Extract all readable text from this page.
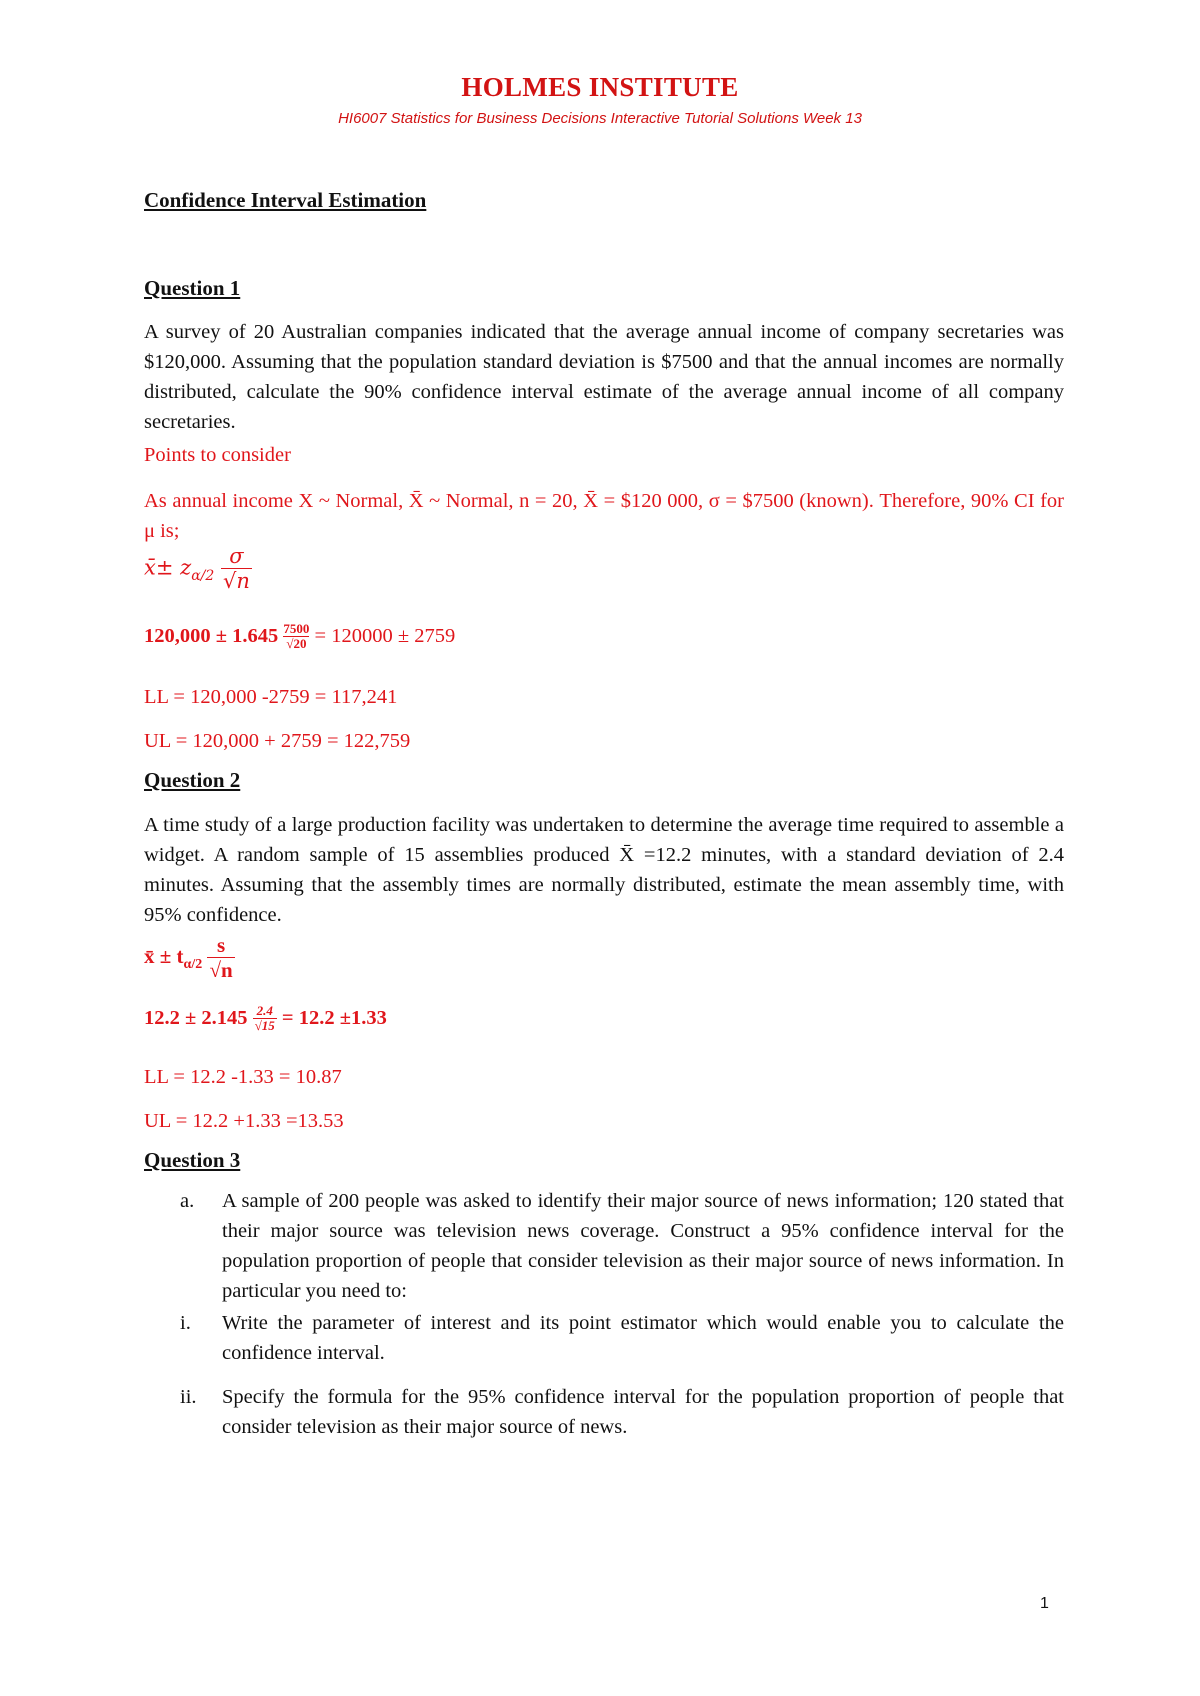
HOLMES INSTITUTE
HI6007 Statistics for Business Decisions Interactive Tutorial Solutions Week 13
Confidence Interval Estimation
Question 1
A survey of 20 Australian companies indicated that the average annual income of company secretaries was $120,000. Assuming that the population standard deviation is $7500 and that the annual incomes are normally distributed, calculate the 90% confidence interval estimate of the average annual income of all company secretaries.
Points to consider
As annual income X ~ Normal, X̄ ~ Normal, n = 20, X̄ = $120 000, σ = $7500 (known). Therefore, 90% CI for μ is;
x̄± $z_{\alpha/2} \frac{\sigma}{√n}$
$120,000 \pm 1.645 \frac{7500}{√20} = 120000 \pm 2759$
LL = 120,000 -2759 = 117,241
UL = 120,000 + 2759 = 122,759
Question 2
A time study of a large production facility was undertaken to determine the average time required to assemble a widget. A random sample of 15 assemblies produced X̄ =12.2 minutes, with a standard deviation of 2.4 minutes. Assuming that the assembly times are normally distributed, estimate the mean assembly time, with 95% confidence.
x̄ ± $t_{\alpha/2} \frac{s}{√n}$
$12.2 \pm 2.145 \frac{2.4}{√15} = 12.2 \pm 1.33$
LL = 12.2 -1.33 = 10.87
UL = 12.2 +1.33 =13.53
Question 3
a.	A sample of 200 people was asked to identify their major source of news information; 120 stated that their major source was television news coverage. Construct a 95% confidence interval for the population proportion of people that consider television as their major source of news information. In particular you need to:
i.	Write the parameter of interest and its point estimator which would enable you to calculate the confidence interval.
ii.	Specify the formula for the 95% confidence interval for the population proportion of people that consider television as their major source of news.
1
